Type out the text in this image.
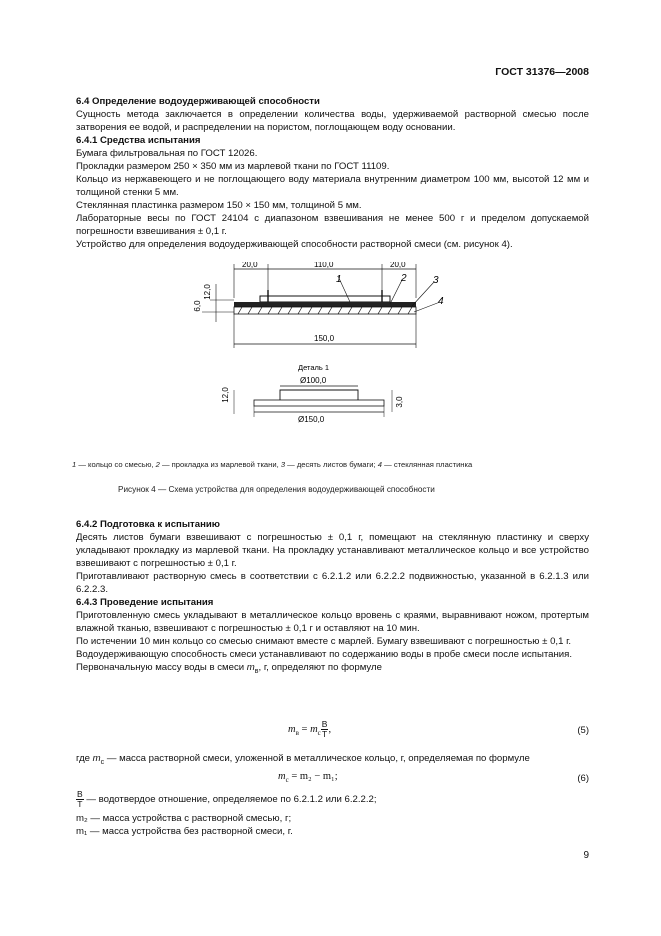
ГОСТ 31376—2008

6.4 Определение водоудерживающей способности

Сущность метода заключается в определении количества воды, удерживаемой растворной смесью после затворения ее водой, и распределении на пористом, поглощающем воду основании.

6.4.1 Средства испытания

Бумага фильтровальная по ГОСТ 12026.

Прокладки размером 250 × 350 мм из марлевой ткани по ГОСТ 11109.

Кольцо из нержавеющего и не поглощающего воду материала внутренним диаметром 100 мм, высотой 12 мм и толщиной стенки 5 мм.

Стеклянная пластинка размером 150 × 150 мм, толщиной 5 мм.

Лабораторные весы по ГОСТ 24104 с диапазоном взвешивания не менее 500 г и пределом допускаемой погрешности взвешивания ± 0,1 г.

Устройство для определения водоудерживающей способности растворной смеси (см. рисунок 4).

20,0	110,0	20,0
12,0
6,0
1	2	3
4
150,0
Деталь 1
Ø100,0
12,0
Ø150,0
3,0
1 — кольцо со смесью, 2 — прокладка из марлевой ткани, 3 — десять листов бумаги; 4 — стеклянная пластинка
Рисунок 4 — Схема устройства для определения водоудерживающей способности

6.4.2 Подготовка к испытанию

Десять листов бумаги взвешивают с погрешностью ± 0,1 г, помещают на стеклянную пластинку и сверху укладывают прокладку из марлевой ткани. На прокладку устанавливают металлическое кольцо и все устройство взвешивают с погрешностью ± 0,1 г.

Приготавливают растворную смесь в соответствии с 6.2.1.2 или 6.2.2.2 подвижностью, указанной в 6.2.1.3 или 6.2.2.3.

6.4.3 Проведение испытания

Приготовленную смесь укладывают в металлическое кольцо вровень с краями, выравнивают ножом, протертым влажной тканью, взвешивают с погрешностью ± 0,1 г и оставляют на 10 мин.

По истечении 10 мин кольцо со смесью снимают вместе с марлей. Бумагу взвешивают с погрешностью ± 0,1 г.

Водоудерживающую способность смеси устанавливают по содержанию воды в пробе смеси после испытания.

Первоначальную массу воды в смеси $m_в$, г, определяют по формуле

$m_в = m_с \frac{В}{Т}$ ,	(5)
где $m_с$ — масса растворной смеси, уложенной в металлическое кольцо, г, определяемая по формуле
$m_с = m_2 - m_1$;	(6)

$\frac{В}{Т}$ — водотвердое отношение, определяемое по 6.2.1.2 или 6.2.2.2;

m₂ — масса устройства с растворной смесью, г;

m₁ — масса устройства без растворной смеси, г.

9
